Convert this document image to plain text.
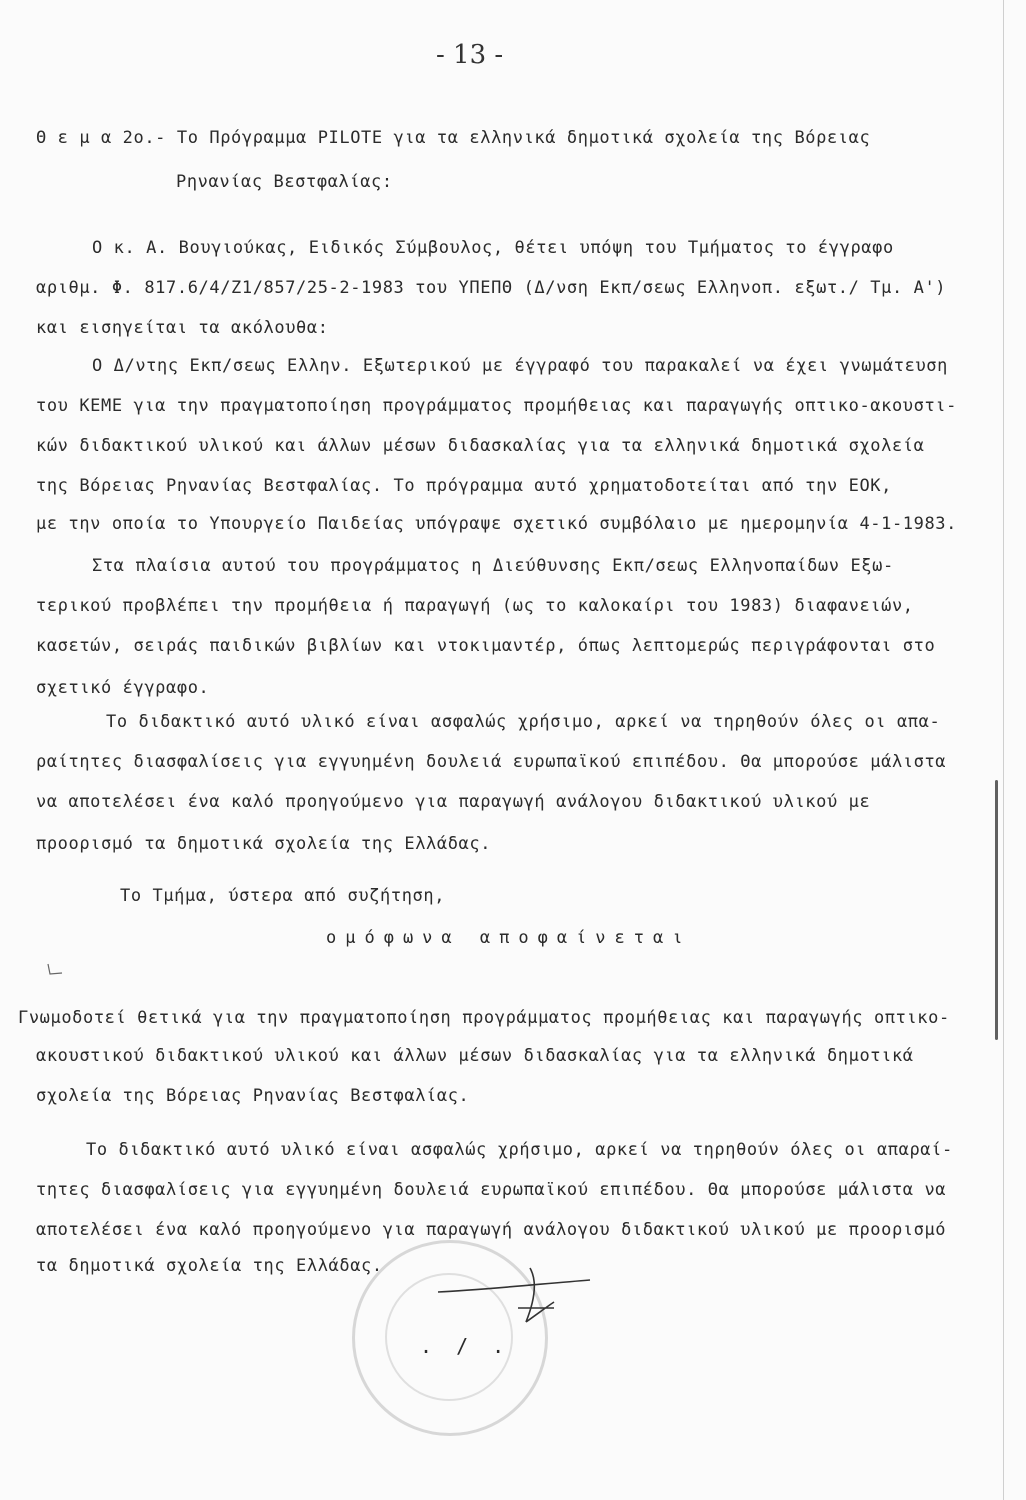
- 13 -
Θ ε μ α 2ο.- Το Πρόγραμμα PILOTE για τα ελληνικά δημοτικά σχολεία της Βόρειας
Ρηνανίας Βεστφαλίας:
Ο κ. Α. Βουγιούκας, Ειδικός Σύμβουλος, θέτει υπόψη του Τμήματος το έγγραφο
αριθμ. Φ. 817.6/4/Ζ1/857/25-2-1983 του ΥΠΕΠΘ (Δ/νση Εκπ/σεως Ελληνοπ. εξωτ./ Τμ. Α')
και εισηγείται τα ακόλουθα:
Ο Δ/ντης Εκπ/σεως Ελλην. Εξωτερικού με έγγραφό του παρακαλεί να έχει γνωμάτευση
του ΚΕΜΕ για την πραγματοποίηση προγράμματος προμήθειας και παραγωγής οπτικο-ακουστι-
κών διδακτικού υλικού και άλλων μέσων διδασκαλίας για τα ελληνικά δημοτικά σχολεία
της Βόρειας Ρηνανίας Βεστφαλίας. Το πρόγραμμα αυτό χρηματοδοτείται από την ΕΟΚ,
με την οποία το Υπουργείο Παιδείας υπόγραψε σχετικό συμβόλαιο με ημερομηνία 4-1-1983.
Στα πλαίσια αυτού του προγράμματος η Διεύθυνσης Εκπ/σεως Ελληνοπαίδων Εξω-
τερικού προβλέπει την προμήθεια ή παραγωγή (ως το καλοκαίρι του 1983) διαφανειών,
κασετών, σειράς παιδικών βιβλίων και ντοκιμαντέρ, όπως λεπτομερώς περιγράφονται στο
σχετικό έγγραφο.
Το διδακτικό αυτό υλικό είναι ασφαλώς χρήσιμο, αρκεί να τηρηθούν όλες οι απα-
ραίτητες διασφαλίσεις για εγγυημένη δουλειά ευρωπαϊκού επιπέδου. Θα μπορούσε μάλιστα
να αποτελέσει ένα καλό προηγούμενο για παραγωγή ανάλογου διδακτικού υλικού με
προορισμό τα δημοτικά σχολεία της Ελλάδας.
Το Τμήμα, ύστερα από συζήτηση,
ομόφωνα αποφαίνεται
Γνωμοδοτεί θετικά για την πραγματοποίηση προγράμματος προμήθειας και παραγωγής οπτικο-
ακουστικού διδακτικού υλικού και άλλων μέσων διδασκαλίας για τα ελληνικά δημοτικά
σχολεία της Βόρειας Ρηνανίας Βεστφαλίας.
Το διδακτικό αυτό υλικό είναι ασφαλώς χρήσιμο, αρκεί να τηρηθούν όλες οι απαραί-
τητες διασφαλίσεις για εγγυημένη δουλειά ευρωπαϊκού επιπέδου. Θα μπορούσε μάλιστα να
αποτελέσει ένα καλό προηγούμενο για παραγωγή ανάλογου διδακτικού υλικού με προορισμό
τα δημοτικά σχολεία της Ελλάδας.
. / .
